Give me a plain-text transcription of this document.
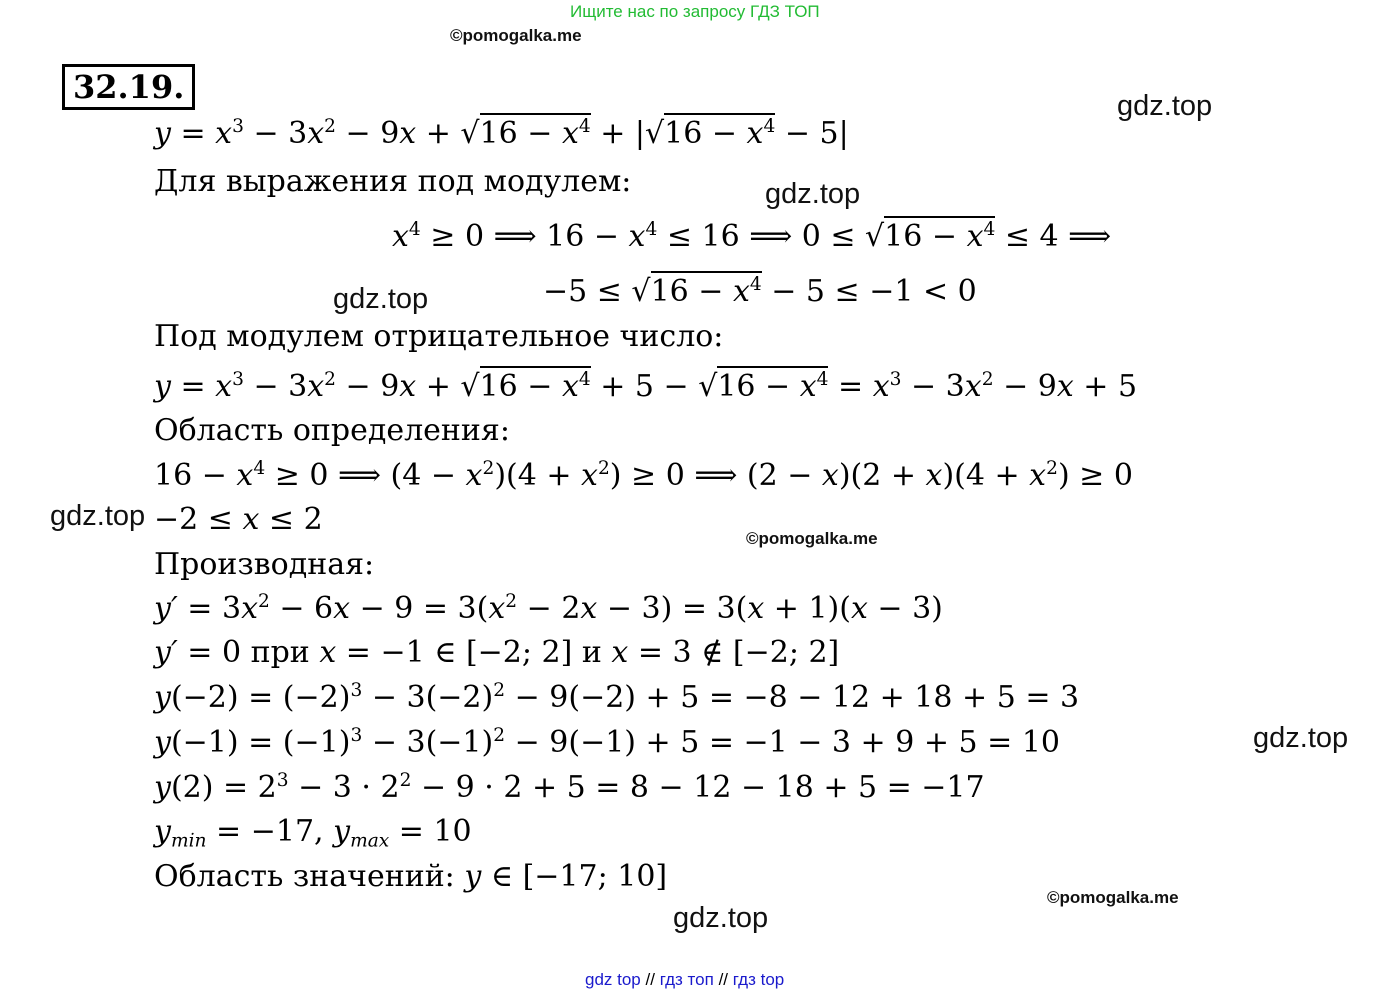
Ищите нас по запросу ГДЗ ТОП
©pomogalka.me
32.19.	gdz.top
gdz.top
gdz.top
gdz.top
©pomogalka.me
gdz.top
©pomogalka.me
gdz.top
$y = x^3 - 3x^2 - 9x + √16 - x^4 + |√16 - x^4 - 5|$
Для выражения под модулем:
$x^4 \ge 0$ ⟹ $16 - x^4 \le 16$ ⟹ $0 \le √16 - x^4 \le 4$ ⟹
$-5 \le √16 - x^4 - 5 \le -1 < 0$
Под модулем отрицательное число:
$y = x^3 - 3x^2 - 9x + √16 - x^4 + 5 - √16 - x^4 = x^3 - 3x^2 - 9x + 5$
Область определения:
$16 - x^4 \ge 0$ ⟹ $(4 - x^2)(4 + x^2) \ge 0$ ⟹ $(2 - x)(2 + x)(4 + x^2) \ge 0$
−2 ≤ x ≤ 2
Производная:
$y' = 3x^2 - 6x - 9 = 3(x^2 - 2x - 3) = 3(x + 1)(x - 3)$
y′ = 0 при x = −1 ∈ [−2; 2] и x = 3 ∉ [−2; 2]
$y(-2) = (-2)^3 - 3(-2)^2 - 9(-2) + 5 = -8 - 12 + 18 + 5 = 3$
$y(-1) = (-1)^3 - 3(-1)^2 - 9(-1) + 5 = -1 - 3 + 9 + 5 = 10$
$y(2) = 2^3 - 3 \cdot 2^2 - 9 \cdot 2 + 5 = 8 - 12 - 18 + 5 = -17$
$y_{min} = -17$, $y_{max} = 10$
Область значений: y ∈ [−17; 10]
gdz top // гдз топ // гдз top
